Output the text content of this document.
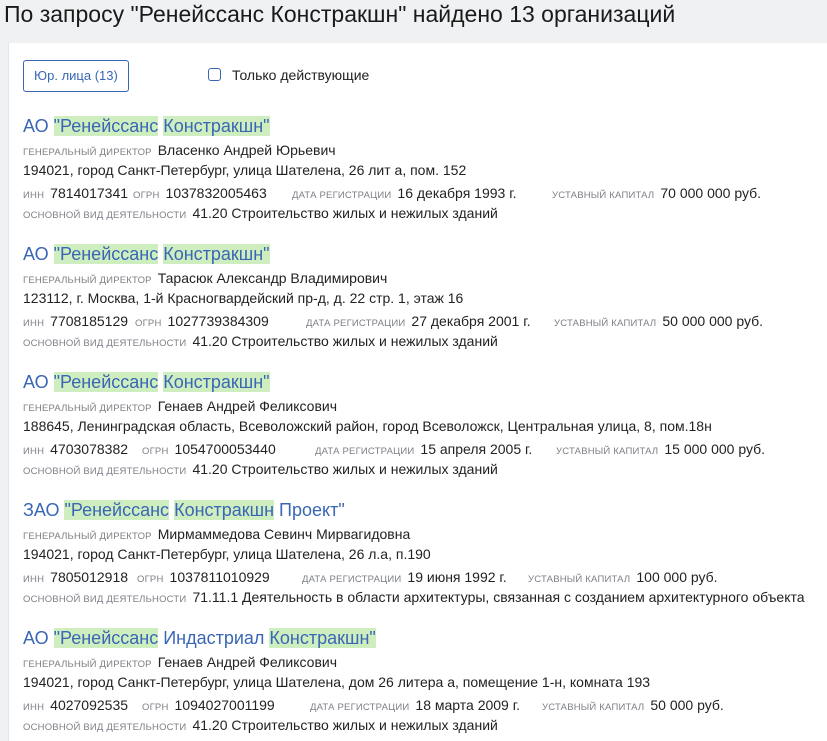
По запросу "Ренейссанс Констракшн" найдено 13 организаций
Юр. лица (13)	Только действующие
АО "Ренейссанс Констракшн"
ГЕНЕРАЛЬНЫЙ ДИРЕКТОР Власенко Андрей Юрьевич
194021, город Санкт-Петербург, улица Шателена, 26 лит а, пом. 152
ИНН 7814017341 ОГРН 1037832005463	ДАТА РЕГИСТРАЦИИ 16 декабря 1993 г.	УСТАВНЫЙ КАПИТАЛ 70 000 000 руб.
ОСНОВНОЙ ВИД ДЕЯТЕЛЬНОСТИ 41.20 Строительство жилых и нежилых зданий
АО "Ренейссанс Констракшн"
ГЕНЕРАЛЬНЫЙ ДИРЕКТОР Тарасюк Александр Владимирович
123112, г. Москва, 1-й Красногвардейский пр-д, д. 22 стр. 1, этаж 16
ИНН 7708185129 ОГРН 1027739384309	ДАТА РЕГИСТРАЦИИ 27 декабря 2001 г. УСТАВНЫЙ КАПИТАЛ 50 000 000 руб.
ОСНОВНОЙ ВИД ДЕЯТЕЛЬНОСТИ 41.20 Строительство жилых и нежилых зданий
АО "Ренейссанс Констракшн"
ГЕНЕРАЛЬНЫЙ ДИРЕКТОР Генаев Андрей Феликсович
188645, Ленинградская область, Всеволожский район, город Всеволожск, Центральная улица, 8, пом.18н
ИНН 4703078382 ОГРН 1054700053440	ДАТА РЕГИСТРАЦИИ 15 апреля 2005 г. УСТАВНЫЙ КАПИТАЛ 15 000 000 руб.
ОСНОВНОЙ ВИД ДЕЯТЕЛЬНОСТИ 41.20 Строительство жилых и нежилых зданий
ЗАО "Ренейссанс Констракшн Проект"
ГЕНЕРАЛЬНЫЙ ДИРЕКТОР Мирмаммедова Севинч Мирвагидовна
194021, город Санкт-Петербург, улица Шателена, 26 л.а, п.190
ИНН 7805012918 ОГРН 1037811010929	ДАТА РЕГИСТРАЦИИ 19 июня 1992 г. УСТАВНЫЙ КАПИТАЛ 100 000 руб.
ОСНОВНОЙ ВИД ДЕЯТЕЛЬНОСТИ 71.11.1 Деятельность в области архитектуры, связанная с созданием архитектурного объекта
АО "Ренейссанс Индастриал Констракшн"
ГЕНЕРАЛЬНЫЙ ДИРЕКТОР Генаев Андрей Феликсович
194021, город Санкт-Петербург, улица Шателена, дом 26 литера а, помещение 1-н, комната 193
ИНН 4027092535 ОГРН 1094027001199	ДАТА РЕГИСТРАЦИИ 18 марта 2009 г. УСТАВНЫЙ КАПИТАЛ 50 000 руб.
ОСНОВНОЙ ВИД ДЕЯТЕЛЬНОСТИ 41.20 Строительство жилых и нежилых зданий
